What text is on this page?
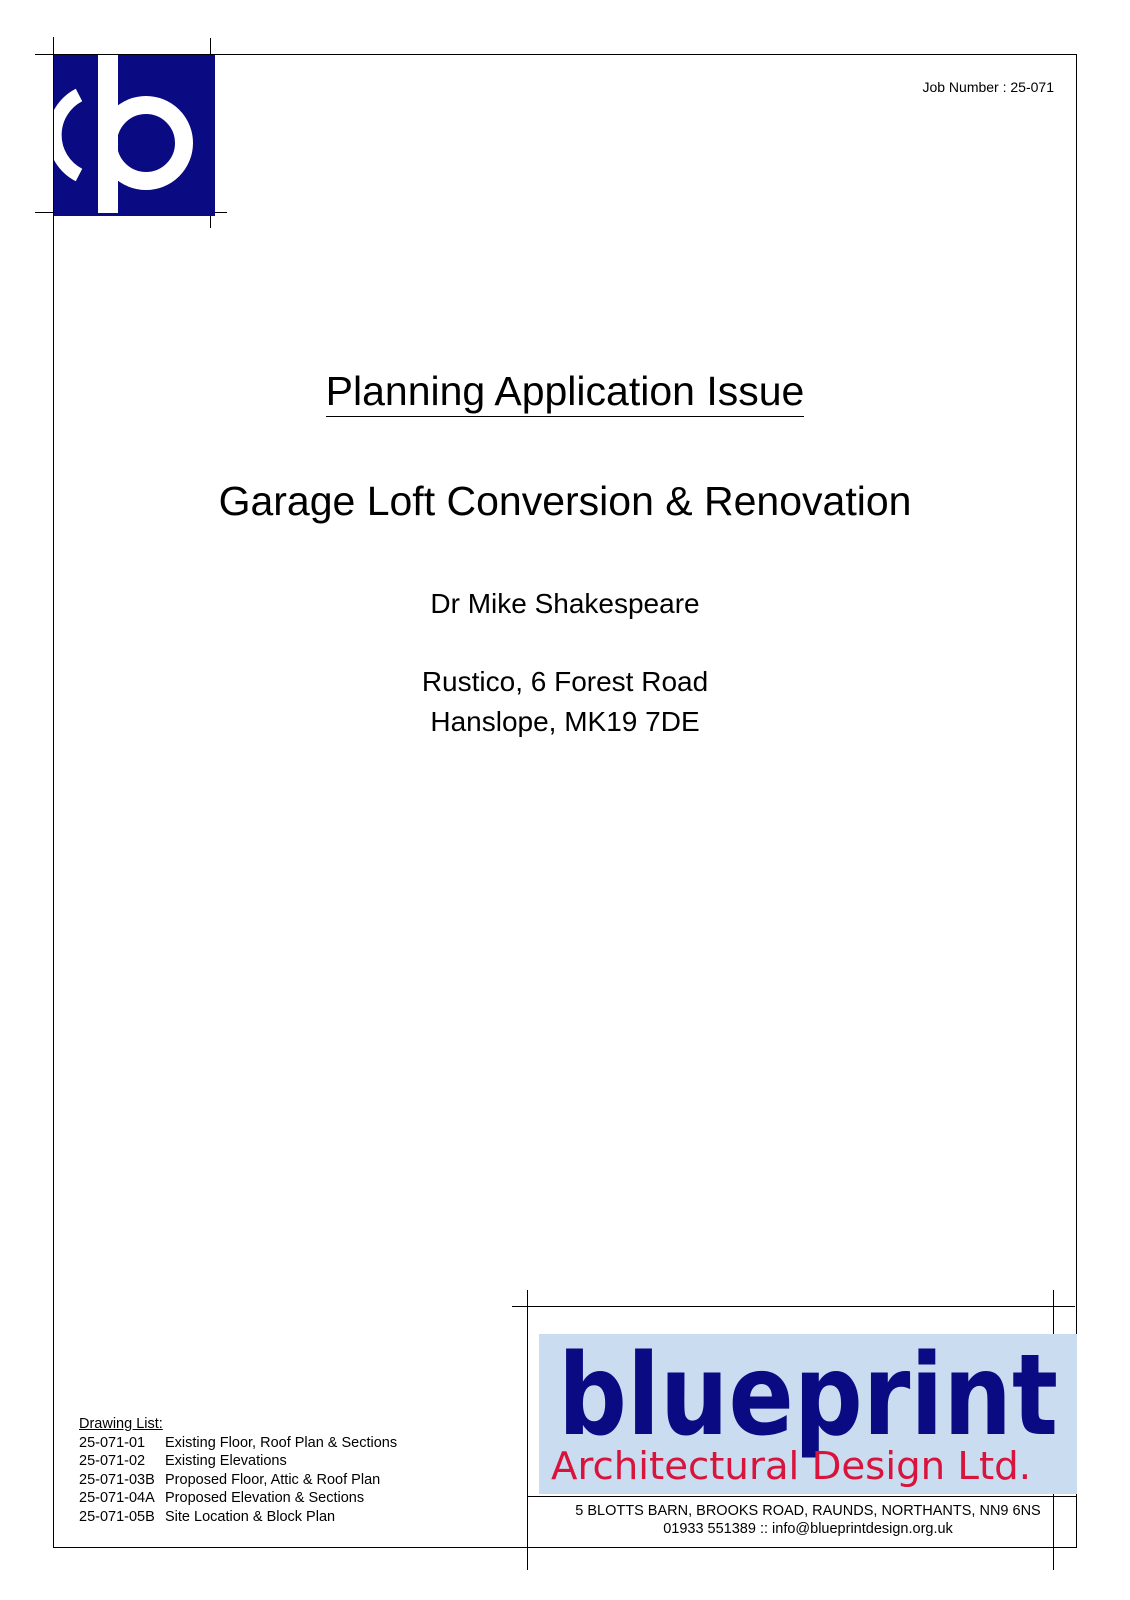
Job Number : 25-071
Planning Application Issue
Garage Loft Conversion & Renovation
Dr Mike Shakespeare
Rustico, 6 Forest Road
Hanslope, MK19 7DE
Drawing List:
25-071-01 Existing Floor, Roof Plan & Sections
25-071-02 Existing Elevations
25-071-03B Proposed Floor, Attic & Roof Plan
25-071-04A Proposed Elevation & Sections
25-071-05B Site Location & Block Plan
blueprint
Architectural Design Ltd.
5 BLOTTS BARN, BROOKS ROAD, RAUNDS, NORTHANTS, NN9 6NS
01933 551389 :: info@blueprintdesign.org.uk
